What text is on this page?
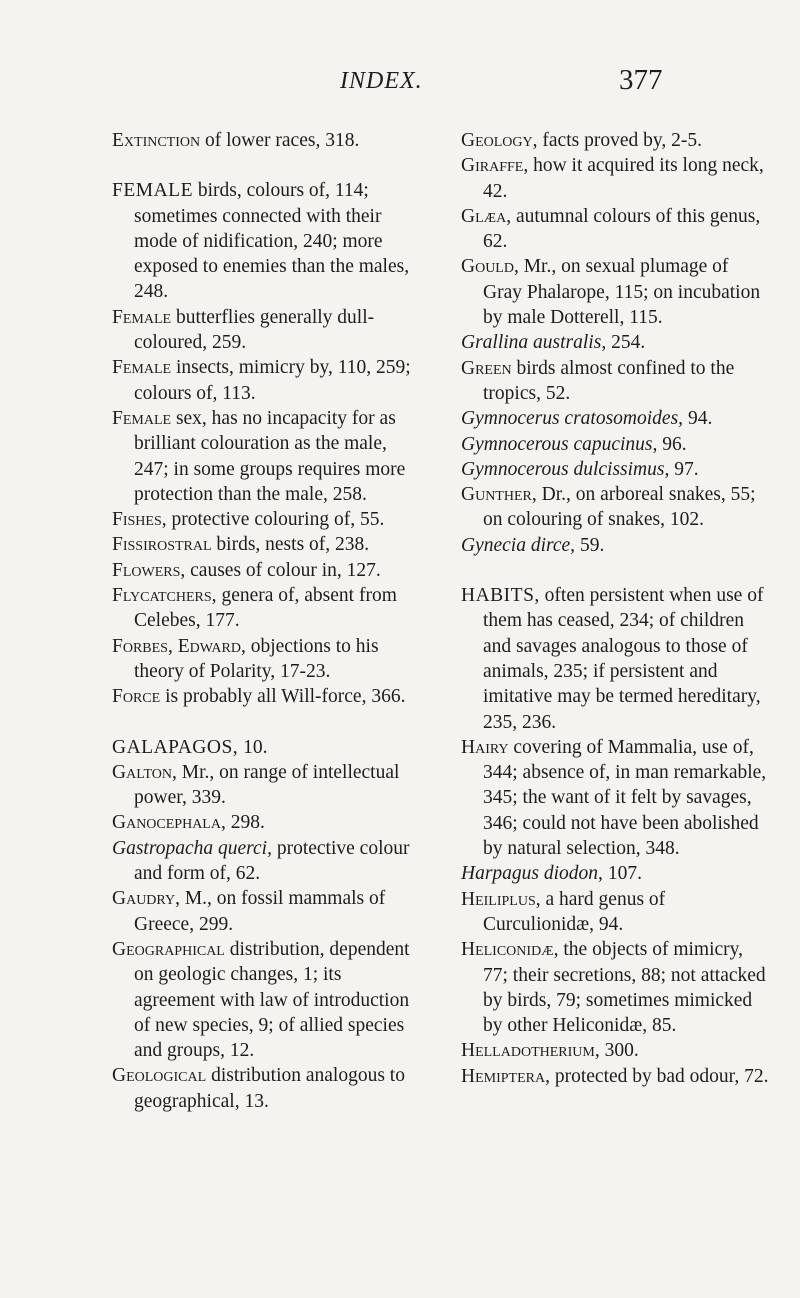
INDEX.	377
Extinction of lower races, 318.
FEMALE birds, colours of, 114; sometimes connected with their mode of nidification, 240; more exposed to enemies than the males, 248.
Female butterflies generally dull-coloured, 259.
Female insects, mimicry by, 110, 259; colours of, 113.
Female sex, has no incapacity for as brilliant colouration as the male, 247; in some groups requires more protection than the male, 258.
Fishes, protective colouring of, 55.
Fissirostral birds, nests of, 238.
Flowers, causes of colour in, 127.
Flycatchers, genera of, absent from Celebes, 177.
Forbes, Edward, objections to his theory of Polarity, 17-23.
Force is probably all Will-force, 366.
GALAPAGOS, 10.
Galton, Mr., on range of intellectual power, 339.
Ganocephala, 298.
Gastropacha querci, protective colour and form of, 62.
Gaudry, M., on fossil mammals of Greece, 299.
Geographical distribution, dependent on geologic changes, 1; its agreement with law of introduction of new species, 9; of allied species and groups, 12.
Geological distribution analogous to geographical, 13.
Geology, facts proved by, 2-5.
Giraffe, how it acquired its long neck, 42.
Glæa, autumnal colours of this genus, 62.
Gould, Mr., on sexual plumage of Gray Phalarope, 115; on incubation by male Dotterell, 115.
Grallina australis, 254.
Green birds almost confined to the tropics, 52.
Gymnocerus cratosomoides, 94.
Gymnocerous capucinus, 96.
Gymnocerous dulcissimus, 97.
Gunther, Dr., on arboreal snakes, 55; on colouring of snakes, 102.
Gynecia dirce, 59.
HABITS, often persistent when use of them has ceased, 234; of children and savages analogous to those of animals, 235; if persistent and imitative may be termed hereditary, 235, 236.
Hairy covering of Mammalia, use of, 344; absence of, in man remarkable, 345; the want of it felt by savages, 346; could not have been abolished by natural selection, 348.
Harpagus diodon, 107.
Heiliplus, a hard genus of Curculionidæ, 94.
Heliconidæ, the objects of mimicry, 77; their secretions, 88; not attacked by birds, 79; sometimes mimicked by other Heliconidæ, 85.
Helladotherium, 300.
Hemiptera, protected by bad odour, 72.
